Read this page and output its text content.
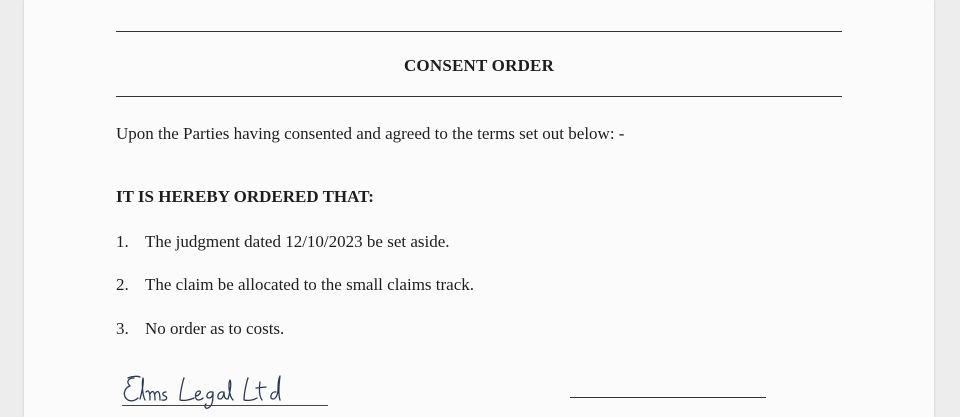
CONSENT ORDER
Upon the Parties having consented and agreed to the terms set out below: -
IT IS HEREBY ORDERED THAT:
1. The judgment dated 12/10/2023 be set aside.
2. The claim be allocated to the small claims track.
3. No order as to costs.
